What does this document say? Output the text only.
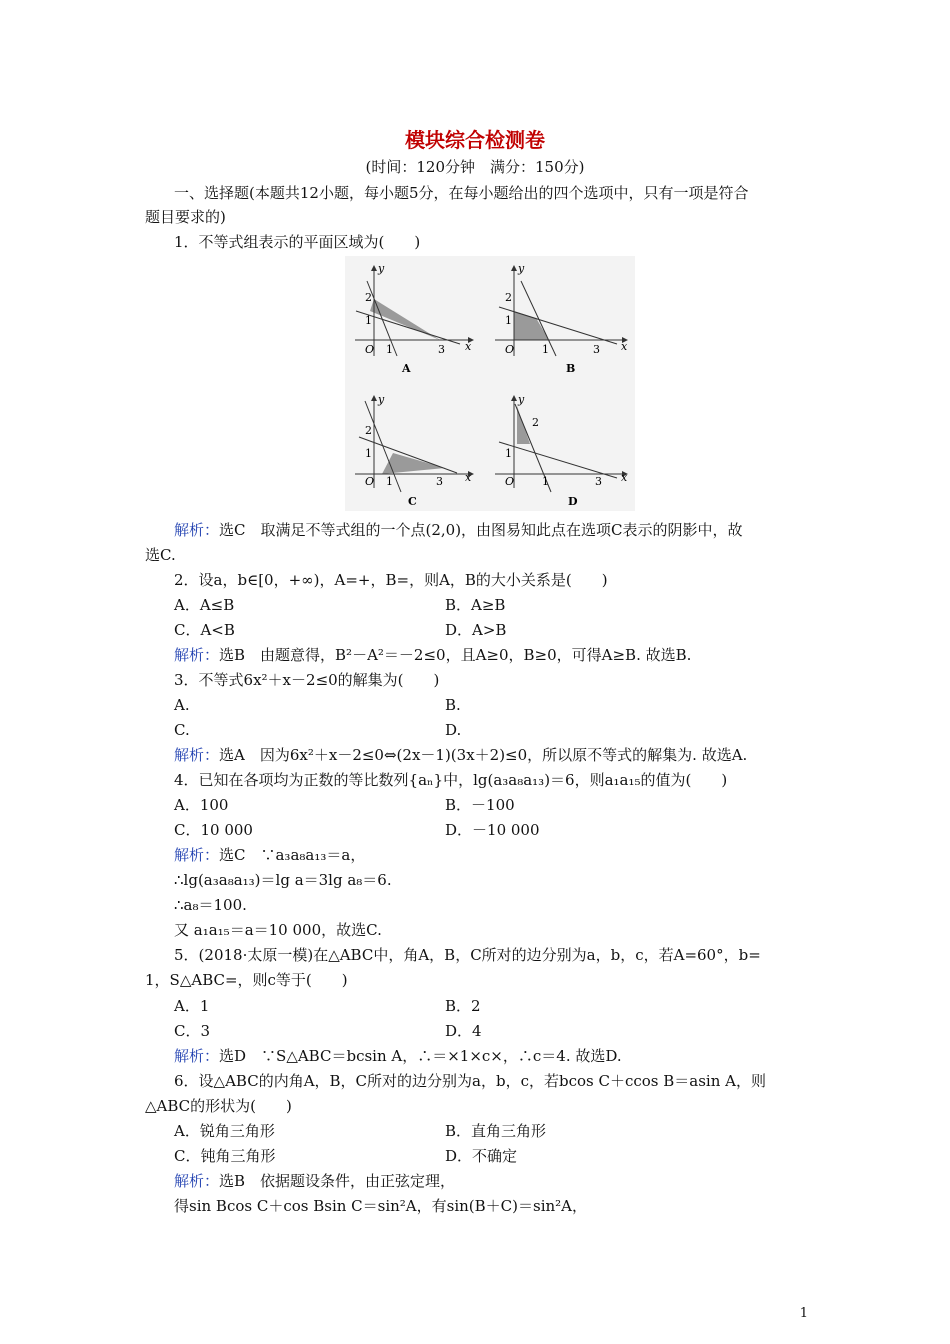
模块综合检测卷
(时间：120分钟　满分：150分)
一、选择题(本题共12小题，每小题5分，在每小题给出的四个选项中，只有一项是符合
题目要求的)
1．不等式组表示的平面区域为(　　)
2
1
O 1	3 x
y
A
2
1
O	1	3 x
y
B
2
1
O 1	3 x
y
C
2
1
O	1	3 x
y
D
解析：选C　取满足不等式组的一个点(2,0)，由图易知此点在选项C表示的阴影中，故
选C.
2．设a，b∈[0，+∞)，A=+，B=，则A，B的大小关系是(　　)
A．A≤B	B．A≥B
C．A<B	D．A>B
解析：选B　由题意得，B²－A²＝－2≤0，且A≥0，B≥0，可得A≥B. 故选B.
3．不等式6x²＋x－2≤0的解集为(　　)
A.	B.
C.	D.
解析：选A　因为6x²＋x－2≤0⇔(2x－1)(3x＋2)≤0，所以原不等式的解集为. 故选A.
4．已知在各项均为正数的等比数列{aₙ}中，lg(a₃a₈a₁₃)＝6，则a₁a₁₅的值为(　　)
A．100	B．－100
C．10 000	D．－10 000
解析：选C　∵a₃a₈a₁₃＝a，
∴lg(a₃a₈a₁₃)＝lg a＝3lg a₈＝6.
∴a₈＝100.
又 a₁a₁₅＝a＝10 000，故选C.
5．(2018·太原一模)在△ABC中，角A，B，C所对的边分别为a，b，c，若A=60°，b=
1，S△ABC=，则c等于(　　)
A．1	B．2
C．3	D．4
解析：选D　∵S△ABC＝bcsin A，∴＝×1×c×，∴c＝4. 故选D.
6．设△ABC的内角A，B，C所对的边分别为a，b，c，若bcos C＋ccos B＝asin A，则
△ABC的形状为(　　)
A．锐角三角形	B．直角三角形
C．钝角三角形	D．不确定
解析：选B　依据题设条件，由正弦定理，
得sin Bcos C＋cos Bsin C＝sin²A，有sin(B＋C)＝sin²A，
1
